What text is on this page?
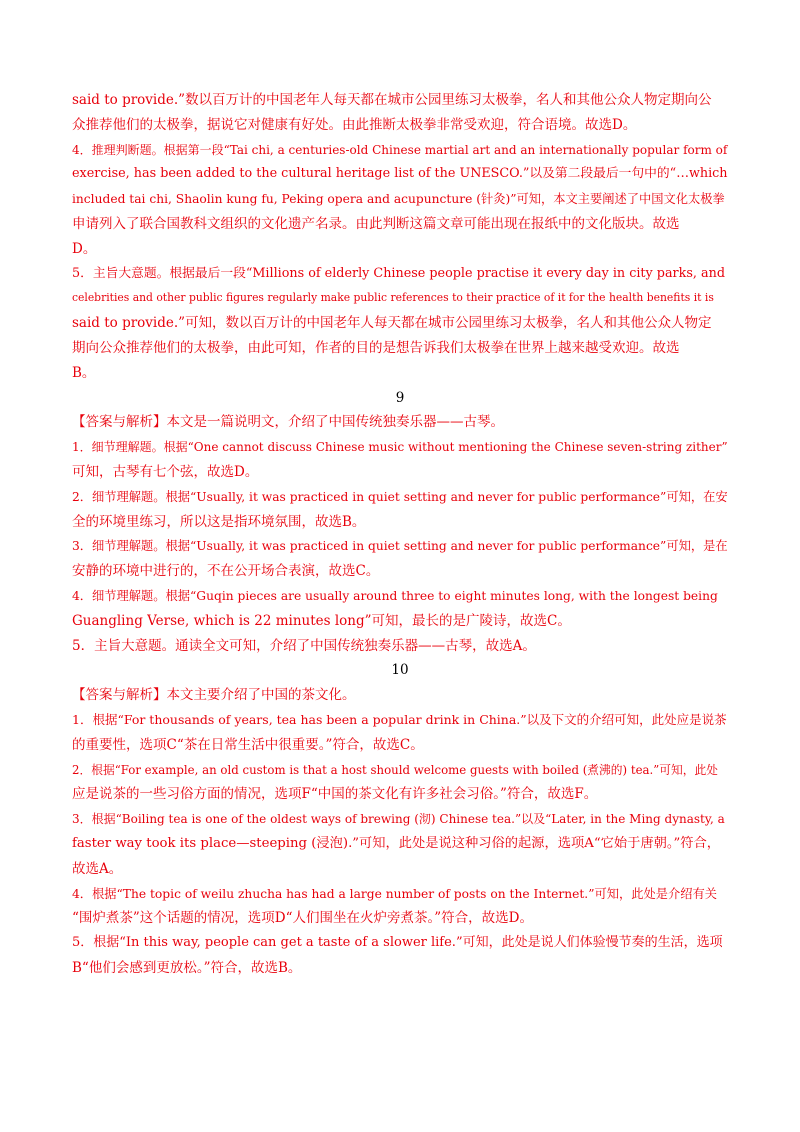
said to provide.”数以百万计的中国老年人每天都在城市公园里练习太极拳，名人和其他公众人物定期向公

众推荐他们的太极拳，据说它对健康有好处。由此推断太极拳非常受欢迎，符合语境。故选D。

4．推理判断题。根据第一段“Tai chi, a centuries-old Chinese martial art and an internationally popular form of

exercise, has been added to the cultural heritage list of the UNESCO.”以及第二段最后一句中的“…which

included tai chi, Shaolin kung fu, Peking opera and acupuncture (针灸)”可知，本文主要阐述了中国文化太极拳

申请列入了联合国教科文组织的文化遗产名录。由此判断这篇文章可能出现在报纸中的文化版块。故选

D。

5．主旨大意题。根据最后一段“Millions of elderly Chinese people practise it every day in city parks, and

celebrities and other public figures regularly make public references to their practice of it for the health benefits it is

said to provide.”可知，数以百万计的中国老年人每天都在城市公园里练习太极拳，名人和其他公众人物定

期向公众推荐他们的太极拳，由此可知，作者的目的是想告诉我们太极拳在世界上越来越受欢迎。故选

B。

9

【答案与解析】本文是一篇说明文，介绍了中国传统独奏乐器——古琴。

1．细节理解题。根据“One cannot discuss Chinese music without mentioning the Chinese seven-string zither”

可知，古琴有七个弦，故选D。

2．细节理解题。根据“Usually, it was practiced in quiet setting and never for public performance”可知，在安

全的环境里练习，所以这是指环境氛围，故选B。

3．细节理解题。根据“Usually, it was practiced in quiet setting and never for public performance”可知，是在

安静的环境中进行的，不在公开场合表演，故选C。

4．细节理解题。根据“Guqin pieces are usually around three to eight minutes long, with the longest being

Guangling Verse, which is 22 minutes long”可知，最长的是广陵诗，故选C。

5．主旨大意题。通读全文可知，介绍了中国传统独奏乐器——古琴，故选A。

10

【答案与解析】本文主要介绍了中国的茶文化。

1．根据“For thousands of years, tea has been a popular drink in China.”以及下文的介绍可知，此处应是说茶

的重要性，选项C“茶在日常生活中很重要。”符合，故选C。

2．根据“For example, an old custom is that a host should welcome guests with boiled (煮沸的) tea.”可知，此处

应是说茶的一些习俗方面的情况，选项F“中国的茶文化有许多社会习俗。”符合，故选F。

3．根据“Boiling tea is one of the oldest ways of brewing (沏) Chinese tea.”以及“Later, in the Ming dynasty, a

faster way took its place—steeping (浸泡).”可知，此处是说这种习俗的起源，选项A“它始于唐朝。”符合，

故选A。

4．根据“The topic of weilu zhucha has had a large number of posts on the Internet.”可知，此处是介绍有关

“围炉煮茶”这个话题的情况，选项D“人们围坐在火炉旁煮茶。”符合，故选D。

5．根据“In this way, people can get a taste of a slower life.”可知，此处是说人们体验慢节奏的生活，选项

B“他们会感到更放松。”符合，故选B。
